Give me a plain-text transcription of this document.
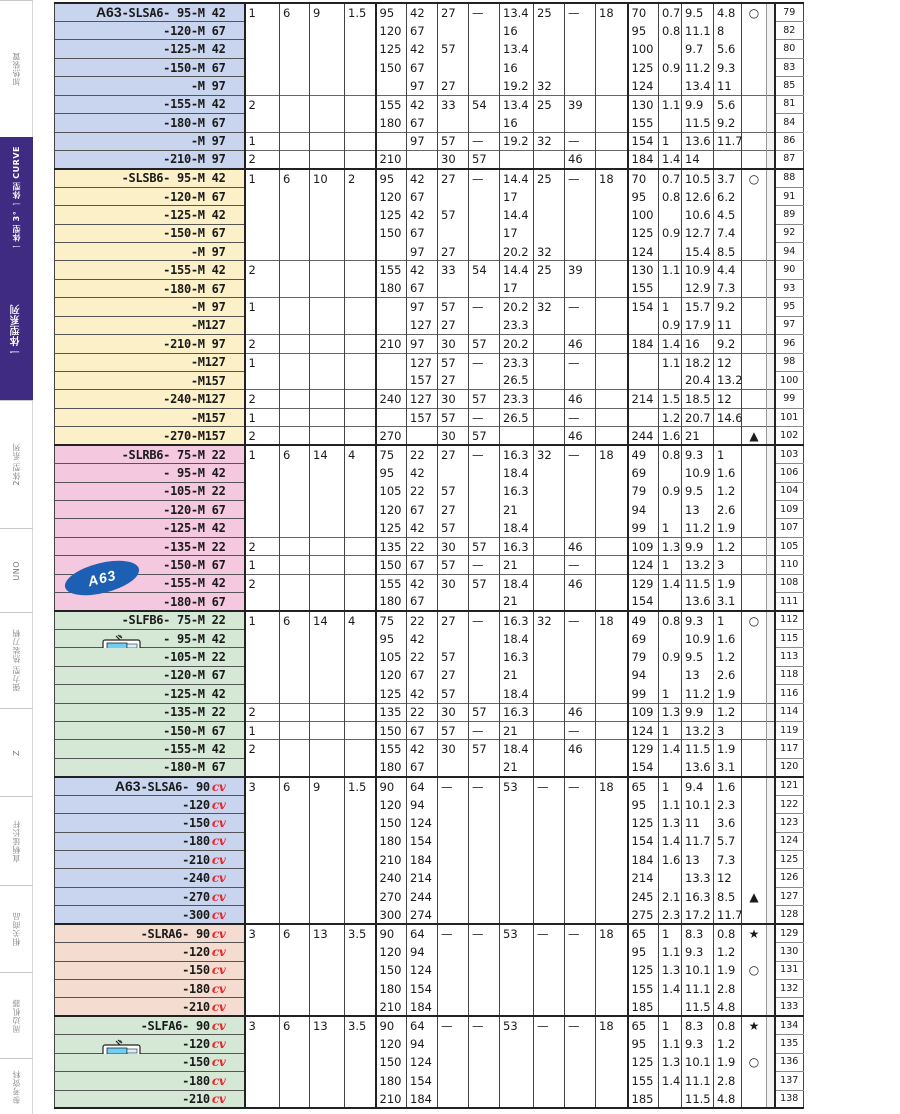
加热装置
一体型 3° 一体型 CURVE
一体型系列
2体型 系列
UNO
强力型 热装刀柄
Z
直柄延长杆
相关商品
周边机器
参考资料
A63-SLSA6- 95-M 42	1	6	9	1.5	95	42	27	—	13.4	25	—	18	70	0.7	9.5	4.8	○		79
-120-M 67					120	67			16				95	0.8	11.1	8			82
-125-M 42					125	42	57		13.4				100		9.7	5.6			80
-150-M 67					150	67			16				125	0.9	11.2	9.3			83
-M 97						97	27		19.2	32			124		13.4	11			85
-155-M 42	2				155	42	33	54	13.4	25	39		130	1.1	9.9	5.6			81
-180-M 67					180	67			16				155		11.5	9.2			84
-M 97	1					97	57	—	19.2	32	—		154	1	13.6	11.7			86
-210-M 97	2				210		30	57			46		184	1.4	14				87
-SLSB6- 95-M 42	1	6	10	2	95	42	27	—	14.4	25	—	18	70	0.7	10.5	3.7	○		88
-120-M 67					120	67			17				95	0.8	12.6	6.2			91
-125-M 42					125	42	57		14.4				100		10.6	4.5			89
-150-M 67					150	67			17				125	0.9	12.7	7.4			92
-M 97						97	27		20.2	32			124		15.4	8.5			94
-155-M 42	2				155	42	33	54	14.4	25	39		130	1.1	10.9	4.4			90
-180-M 67					180	67			17				155		12.9	7.3			93
-M 97	1					97	57	—	20.2	32	—		154	1	15.7	9.2			95
-M127						127	27		23.3					0.9	17.9	11			97
-210-M 97	2				210	97	30	57	20.2		46		184	1.4	16	9.2			96
-M127	1					127	57	—	23.3		—			1.1	18.2	12			98
-M157						157	27		26.5						20.4	13.2			100
-240-M127	2				240	127	30	57	23.3		46		214	1.5	18.5	12			99
-M157	1					157	57	—	26.5		—			1.2	20.7	14.6			101
-270-M157	2				270		30	57			46		244	1.6	21		▲		102
-SLRB6- 75-M 22	1	6	14	4	75	22	27	—	16.3	32	—	18	49	0.8	9.3	1			103
- 95-M 42					95	42			18.4				69		10.9	1.6			106
-105-M 22					105	22	57		16.3				79	0.9	9.5	1.2			104
-120-M 67					120	67	27		21				94		13	2.6			109
-125-M 42					125	42	57		18.4				99	1	11.2	1.9			107
-135-M 22	2				135	22	30	57	16.3		46		109	1.3	9.9	1.2			105
-150-M 67	1				150	67	57	—	21		—		124	1	13.2	3			110
-155-M 42	2				155	42	30	57	18.4		46		129	1.4	11.5	1.9			108
-180-M 67					180	67			21				154		13.6	3.1			111
-SLFB6- 75-M 22	1	6	14	4	75	22	27	—	16.3	32	—	18	49	0.8	9.3	1	○		112

- 95-M 42					95	42			18.4				69		10.9	1.6			115
-105-M 22					105	22	57		16.3				79	0.9	9.5	1.2			113
-120-M 67					120	67	27		21				94		13	2.6			118
-125-M 42					125	42	57		18.4				99	1	11.2	1.9			116
-135-M 22	2				135	22	30	57	16.3		46		109	1.3	9.9	1.2			114
-150-M 67	1				150	67	57	—	21		—		124	1	13.2	3			119
-155-M 42	2				155	42	30	57	18.4		46		129	1.4	11.5	1.9			117
-180-M 67					180	67			21				154		13.6	3.1			120
A63-SLSA6- 90 cv	3	6	9	1.5	90	64	—	—	53	—	—	18	65	1	9.4	1.6			121
-120 cv					120	94							95	1.1	10.1	2.3			122
-150 cv					150	124							125	1.3	11	3.6			123
-180 cv					180	154							154	1.4	11.7	5.7			124
-210 cv					210	184							184	1.6	13	7.3			125
-240 cv					240	214							214		13.3	12			126
-270 cv					270	244							245	2.1	16.3	8.5	▲		127
-300 cv					300	274							275	2.3	17.2	11.7			128
-SLRA6- 90 cv	3	6	13	3.5	90	64	—	—	53	—	—	18	65	1	8.3	0.8	★		129
-120 cv					120	94							95	1.1	9.3	1.2			130
-150 cv					150	124							125	1.3	10.1	1.9	○		131
-180 cv					180	154							155	1.4	11.1	2.8			132
-210 cv					210	184							185		11.5	4.8			133
-SLFA6- 90 cv	3	6	13	3.5	90	64	—	—	53	—	—	18	65	1	8.3	0.8	★		134

-120 cv					120	94							95	1.1	9.3	1.2			135
-150 cv					150	124							125	1.3	10.1	1.9	○		136
-180 cv					180	154							155	1.4	11.1	2.8			137
-210 cv					210	184							185		11.5	4.8			138
A63
